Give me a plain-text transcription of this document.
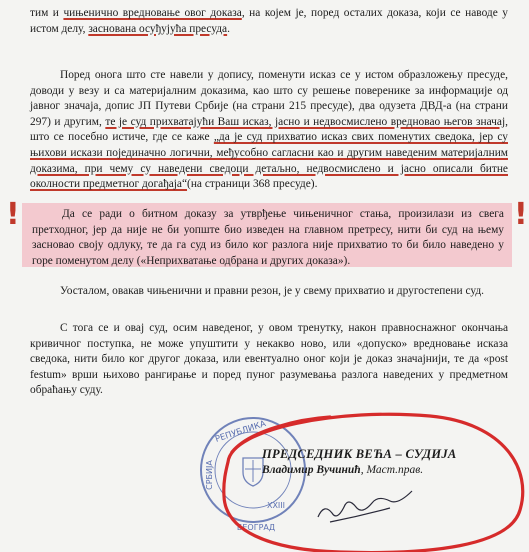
тим и чињенично вредновање овог доказа, на којем је, поред осталих доказа, који се наводе у истом делу, заснована осуђујућа пресуда.

Поред онога што сте навели у допису, поменути исказ се у истом образложењу пресуде, доводи у везу и са материјалним доказима, као што су решење поверенике за информације од јавног значаја, допис ЈП Путеви Србије (на страни 215 пресуде), два одузета ДВД-а (на страни 297) и другим, те је суд прихватајући Ваш исказ, јасно и недвосмислено вредновао његов значај, што се посебно истиче, где се каже „да је суд прихватио исказ свих поменутих сведока, јер су њихови искази појединачно логични, међусобно сагласни као и другим наведеним материјалним доказима, при чему су наведени сведоци детаљно, недвосмислено и јасно описали битне околности предметног догађаја“(на страници 368 пресуде).

!	!

Да се ради о битном доказу за утврђење чињеничног стања, произилази из свега претходног, јер да није не би уопште био изведен на главном претресу, нити би суд на њему засновао своју одлуку, те да га суд из било ког разлога није прихватио то би било наведено у горе поменутом делу («Неприхватање одбрана и других доказа»).

Уосталом, овакав чињенични и правни резон, је у свему прихватио и другостепени суд.

С тога се и овај суд, осим наведеног, у овом тренутку, након правноснажног окончања кривичног поступка, не може упуштити у некакво ново, или «допуско» вредновање исказа сведока, нити било ког другог доказа, или евентуално оног који је доказ значајнији, те да «post festum» врши њихово рангирање и поред пуног разумевања разлога наведених у предметном обраћању суду.

РЕПУБЛИКА
СРБИЈА
XXIII
БЕОГРАД
ПРЕДСЕДНИК ВЕЋА – СУДИЈА
Владимир Вучинић, Маст.прав.
